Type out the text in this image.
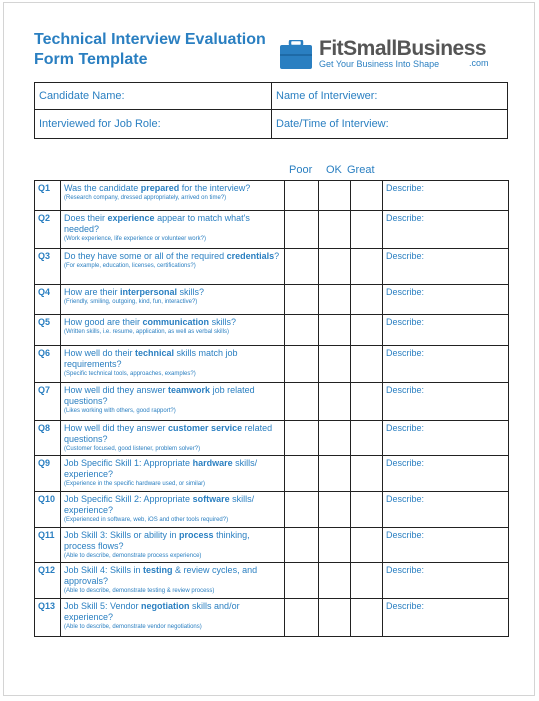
Technical Interview Evaluation
Form Template	FitSmallBusiness
Get Your Business Into Shape	.com
Candidate Name:	Name of Interviewer:
Interviewed for Job Role:	Date/Time of Interview:
Poor OK Great
Q1	Was the candidate prepared for the interview?
(Research company, dressed appropriately, arrived on time?)				Describe:
Q2	Does their experience appear to match what's needed?
(Work experience, life experience or volunteer work?)				Describe:
Q3	Do they have some or all of the required credentials?
(For example, education, licenses, certifications?)				Describe:
Q4	How are their interpersonal skills?
(Friendly, smiling, outgoing, kind, fun, interactive?)				Describe:
Q5	How good are their communication skills?
(Written skills, i.e. resume, application, as well as verbal skills)				Describe:
Q6	How well do their technical skills match job requirements?
(Specific technical tools, approaches, examples?)				Describe:
Q7	How well did they answer teamwork job related questions?
(Likes working with others, good rapport?)				Describe:
Q8	How well did they answer customer service related questions?
(Customer focused, good listener, problem solver?)				Describe:
Q9	Job Specific Skill 1: Appropriate hardware skills/ experience?
(Experience in the specific hardware used, or similar)				Describe:
Q10	Job Specific Skill 2: Appropriate software skills/ experience?
(Experienced in software, web, iOS and other tools required?)				Describe:
Q11	Job Skill 3: Skills or ability in process thinking, process flows?
(Able to describe, demonstrate process experience)				Describe:
Q12	Job Skill 4: Skills in testing & review cycles, and approvals?
(Able to describe, demonstrate testing & review process)				Describe:
Q13	Job Skill 5: Vendor negotiation skills and/or experience?
(Able to describe, demonstrate vendor negotiations)				Describe:
